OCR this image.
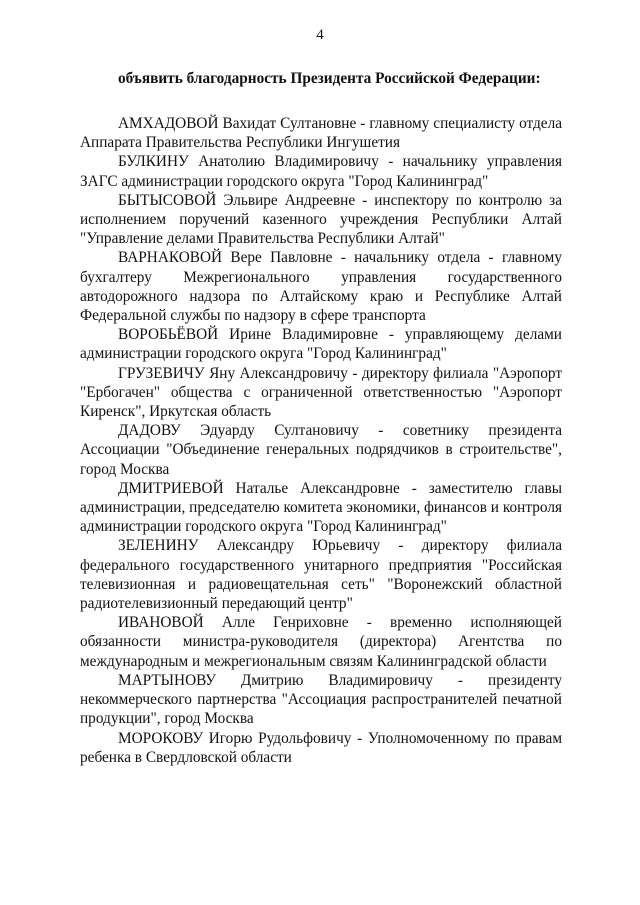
4
объявить благодарность Президента Российской Федерации:

АМХАДОВОЙ Вахидат Султановне - главному специалисту отдела Аппарата Правительства Республики Ингушетия

БУЛКИНУ Анатолию Владимировичу - начальнику управления ЗАГС администрации городского округа "Город Калининград"

БЫТЫСОВОЙ Эльвире Андреевне - инспектору по контролю за исполнением поручений казенного учреждения Республики Алтай "Управление делами Правительства Республики Алтай"

ВАРНАКОВОЙ Вере Павловне - начальнику отдела - главному бухгалтеру Межрегионального управления государственного автодорожного надзора по Алтайскому краю и Республике Алтай Федеральной службы по надзору в сфере транспорта

ВОРОБЬЁВОЙ Ирине Владимировне - управляющему делами администрации городского округа "Город Калининград"

ГРУЗЕВИЧУ Яну Александровичу - директору филиала "Аэропорт "Ербогачен" общества с ограниченной ответственностью "Аэропорт Киренск", Иркутская область

ДАДОВУ Эдуарду Султановичу - советнику президента Ассоциации "Объединение генеральных подрядчиков в строительстве", город Москва

ДМИТРИЕВОЙ Наталье Александровне - заместителю главы администрации, председателю комитета экономики, финансов и контроля администрации городского округа "Город Калининград"

ЗЕЛЕНИНУ Александру Юрьевичу - директору филиала федерального государственного унитарного предприятия "Российская телевизионная и радиовещательная сеть" "Воронежский областной радиотелевизионный передающий центр"

ИВАНОВОЙ Алле Генриховне - временно исполняющей обязанности министра-руководителя (директора) Агентства по международным и межрегиональным связям Калининградской области

МАРТЫНОВУ Дмитрию Владимировичу - президенту некоммерческого партнерства "Ассоциация распространителей печатной продукции", город Москва

МОРОКОВУ Игорю Рудольфовичу - Уполномоченному по правам ребенка в Свердловской области
